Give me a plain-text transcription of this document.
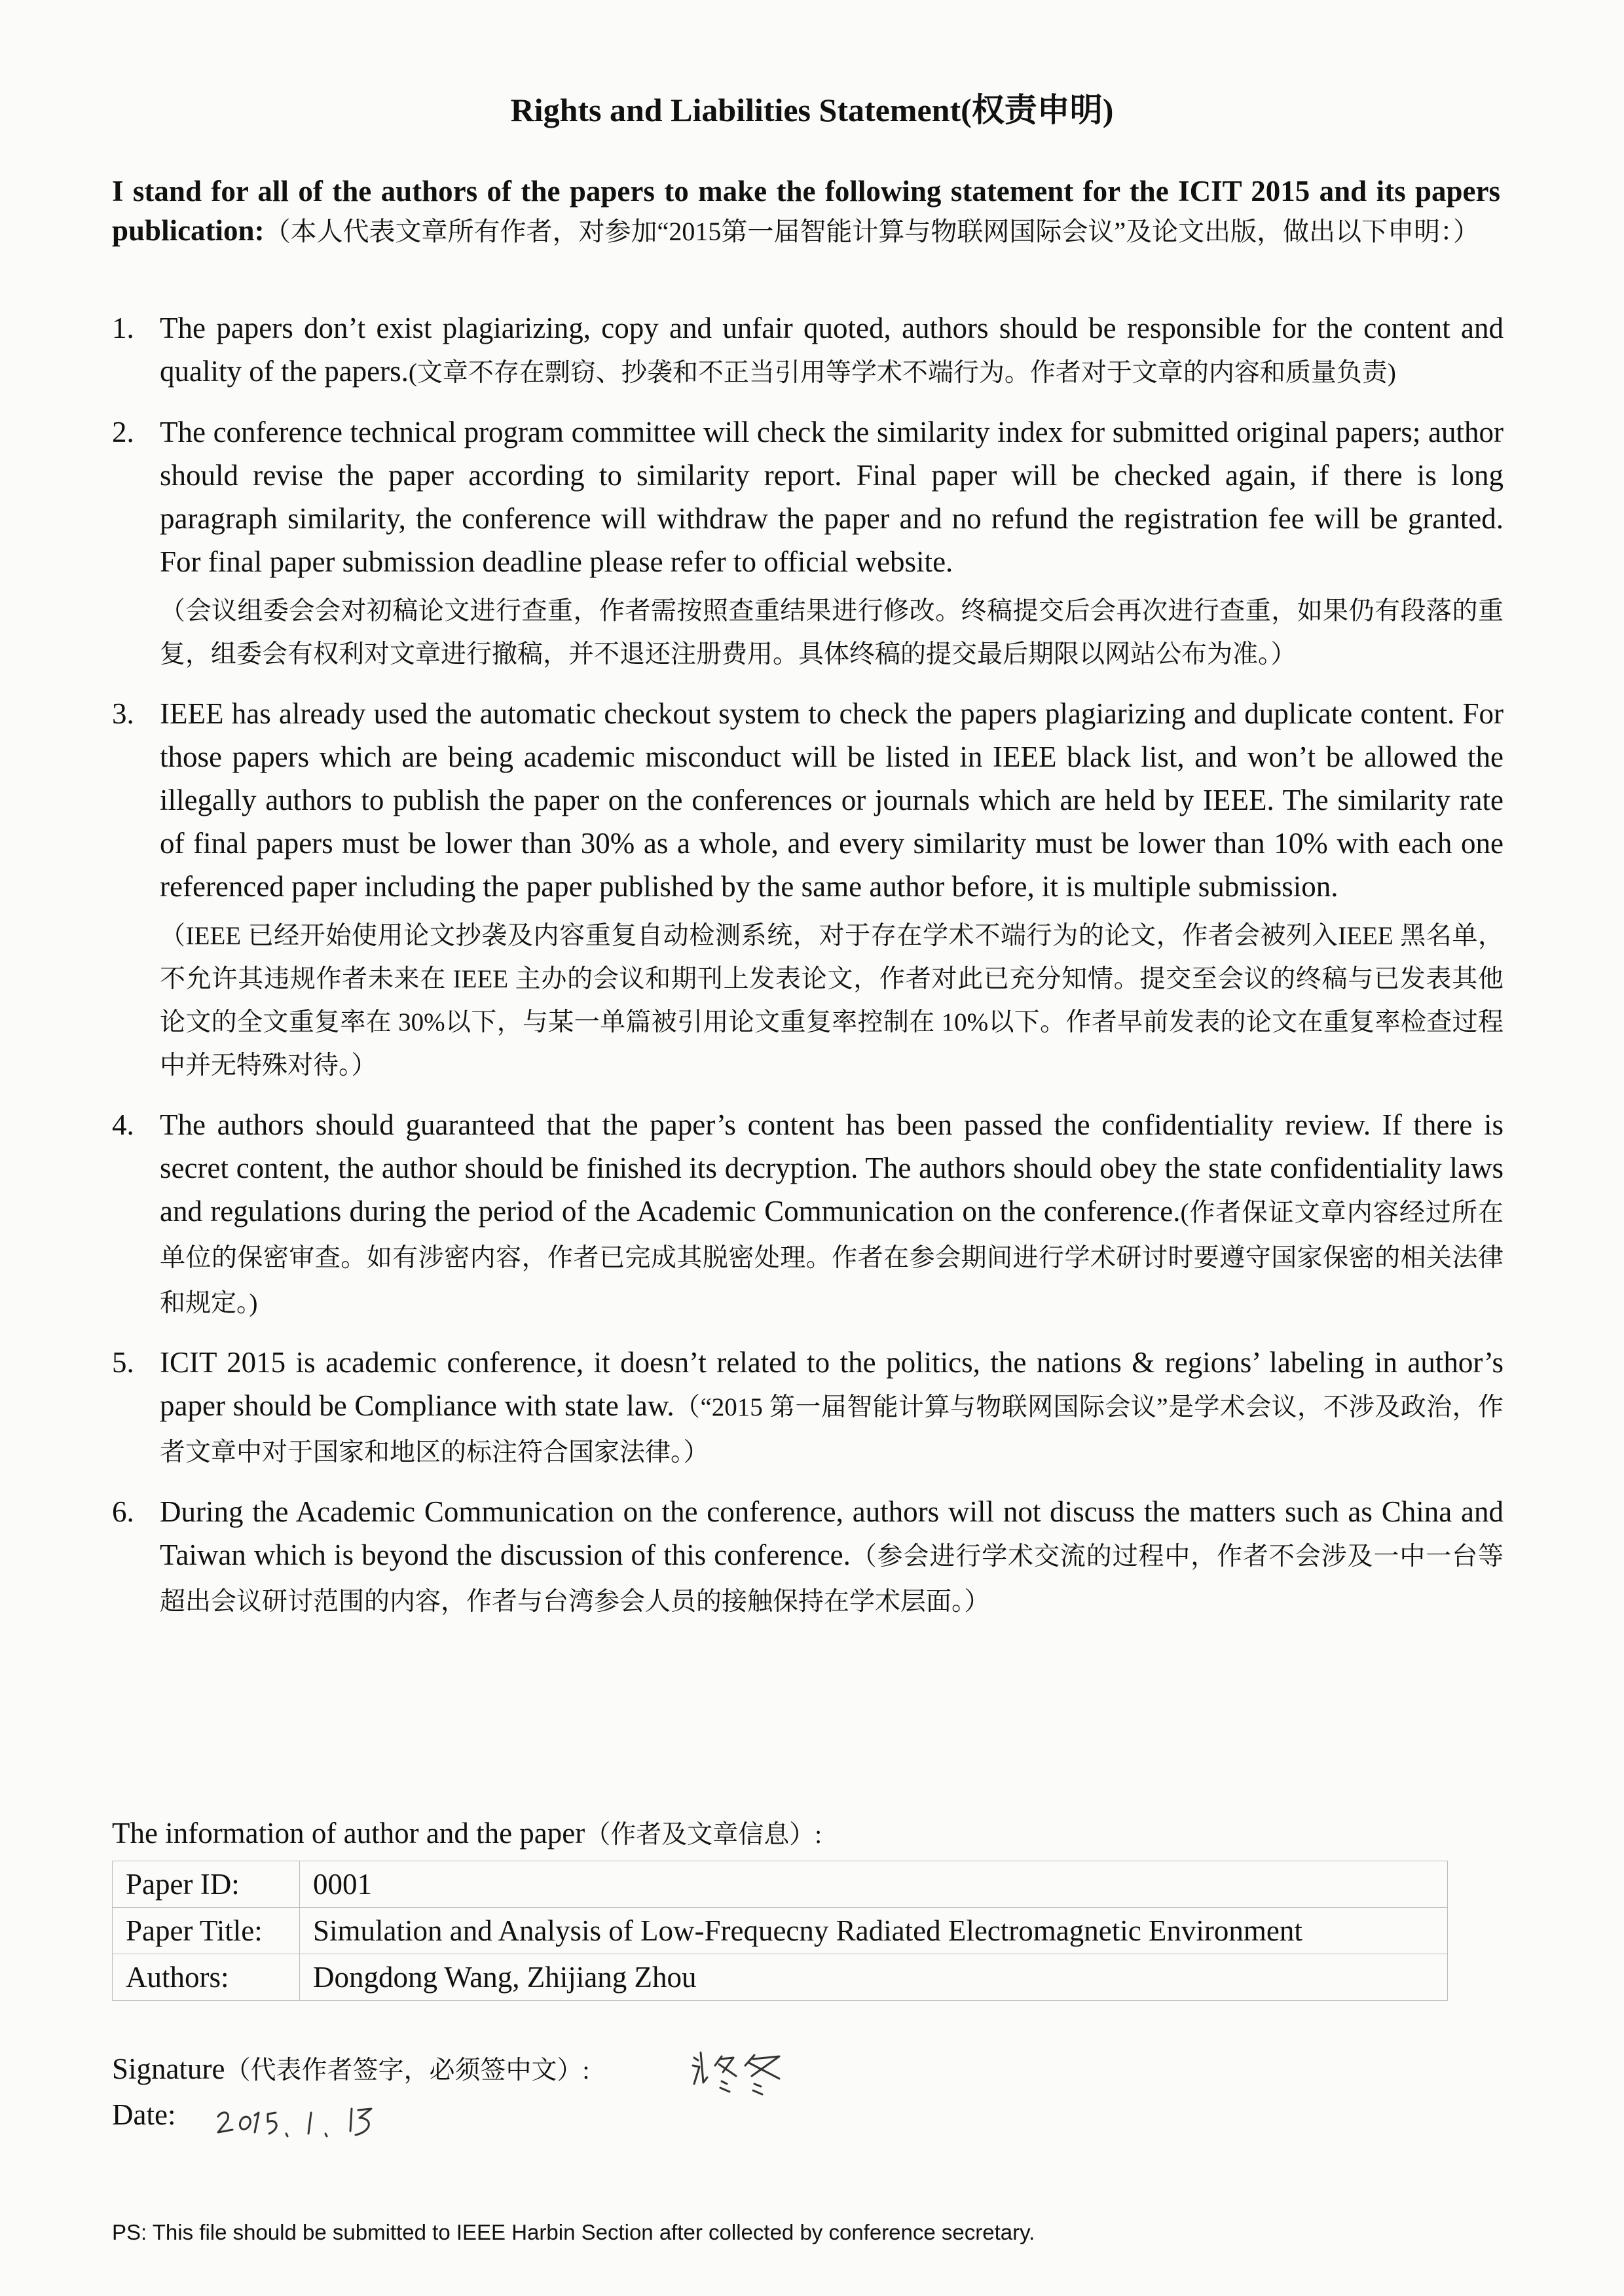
Rights and Liabilities Statement(权责申明)
I stand for all of the authors of the papers to make the following statement for the ICIT 2015 and its papers publication:（本人代表文章所有作者，对参加“2015第一届智能计算与物联网国际会议”及论文出版，做出以下申明：）
1. The papers don’t exist plagiarizing, copy and unfair quoted, authors should be responsible for the content and quality of the papers.(文章不存在剽窃、抄袭和不正当引用等学术不端行为。作者对于文章的内容和质量负责)

2. The conference technical program committee will check the similarity index for submitted original papers; author should revise the paper according to similarity report. Final paper will be checked again, if there is long paragraph similarity, the conference will withdraw the paper and no refund the registration fee will be granted. For final paper submission deadline please refer to official website.

（会议组委会会对初稿论文进行查重，作者需按照查重结果进行修改。终稿提交后会再次进行查重，如果仍有段落的重复，组委会有权利对文章进行撤稿，并不退还注册费用。具体终稿的提交最后期限以网站公布为准。）

3. IEEE has already used the automatic checkout system to check the papers plagiarizing and duplicate content. For those papers which are being academic misconduct will be listed in IEEE black list, and won’t be allowed the illegally authors to publish the paper on the conferences or journals which are held by IEEE. The similarity rate of final papers must be lower than 30% as a whole, and every similarity must be lower than 10% with each one referenced paper including the paper published by the same author before, it is multiple submission.

（IEEE 已经开始使用论文抄袭及内容重复自动检测系统，对于存在学术不端行为的论文，作者会被列入IEEE 黑名单，不允许其违规作者未来在 IEEE 主办的会议和期刊上发表论文，作者对此已充分知情。提交至会议的终稿与已发表其他论文的全文重复率在 30%以下，与某一单篇被引用论文重复率控制在 10%以下。作者早前发表的论文在重复率检查过程中并无特殊对待。）

4. The authors should guaranteed that the paper’s content has been passed the confidentiality review. If there is secret content, the author should be finished its decryption. The authors should obey the state confidentiality laws and regulations during the period of the Academic Communication on the conference.(作者保证文章内容经过所在单位的保密审查。如有涉密内容，作者已完成其脱密处理。作者在参会期间进行学术研讨时要遵守国家保密的相关法律和规定。)

5. ICIT 2015 is academic conference, it doesn’t related to the politics, the nations & regions’ labeling in author’s paper should be Compliance with state law.（“2015 第一届智能计算与物联网国际会议”是学术会议，不涉及政治，作者文章中对于国家和地区的标注符合国家法律。）

6. During the Academic Communication on the conference, authors will not discuss the matters such as China and Taiwan which is beyond the discussion of this conference.（参会进行学术交流的过程中，作者不会涉及一中一台等超出会议研讨范围的内容，作者与台湾参会人员的接触保持在学术层面。）

The information of author and the paper（作者及文章信息）:
Paper ID:	0001
Paper Title:	Simulation and Analysis of Low-Frequecny Radiated Electromagnetic Environment
Authors:	Dongdong Wang, Zhijiang Zhou
Signature（代表作者签字，必须签中文）:
Date:
PS: This file should be submitted to IEEE Harbin Section after collected by conference secretary.
